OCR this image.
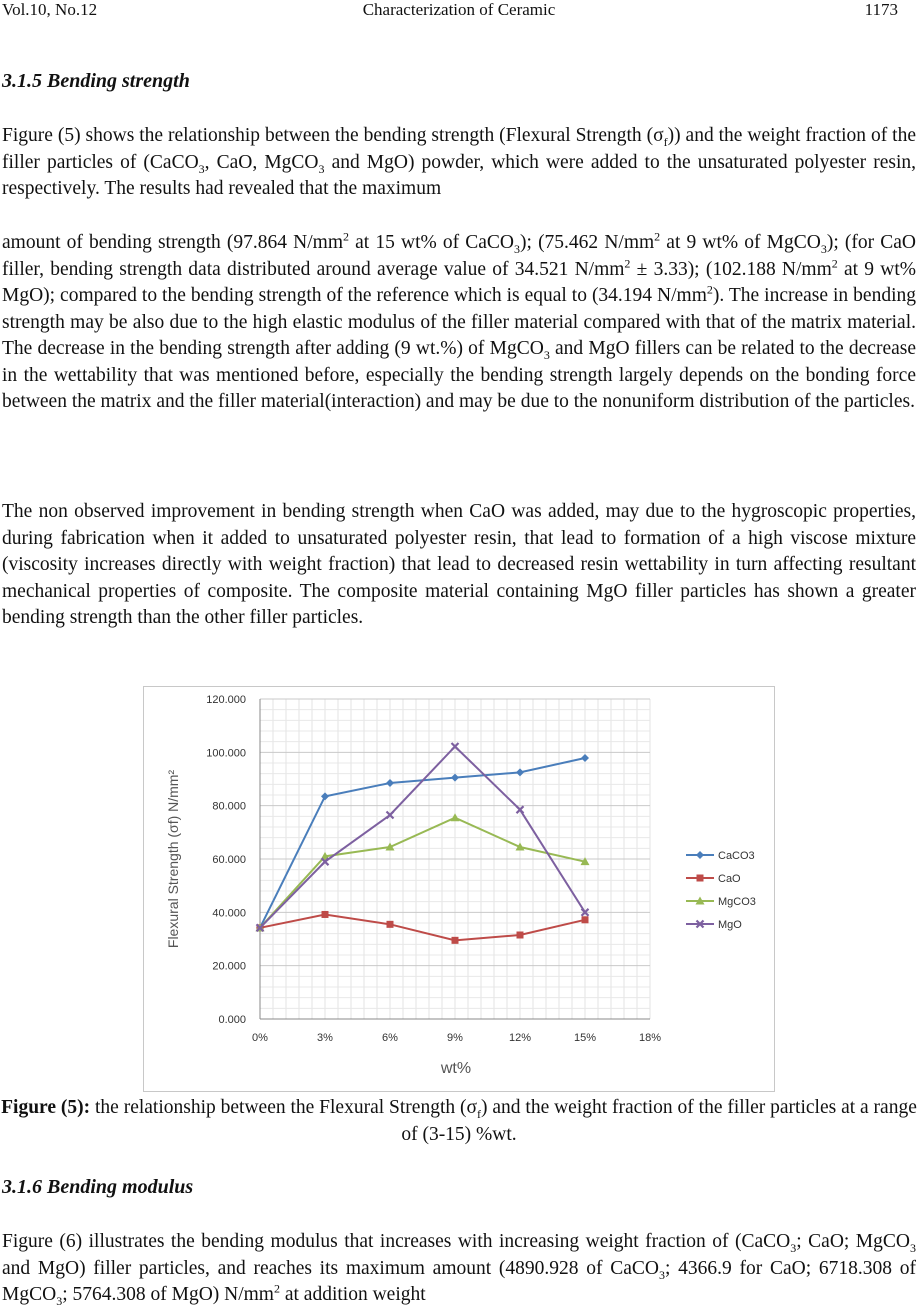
Vol.10, No.12	Characterization of Ceramic	1173
3.1.5 Bending strength
Figure (5) shows the relationship between the bending strength (Flexural Strength $(\sigma_f)$) and the weight fraction of the filler particles of (CaCO$_3$, CaO, MgCO$_3$ and MgO) powder, which were added to the unsaturated polyester resin, respectively. The results had revealed that the maximum
amount of bending strength (97.864 $N/mm^2$ at 15 wt% of CaCO$_3$); (75.462 $N/mm^2$ at 9 wt% of MgCO$_3$); (for CaO filler, bending strength data distributed around average value of 34.521 $N/mm^2 \pm 3.33$); (102.188 $N/mm^2$ at 9 wt% MgO); compared to the bending strength of the reference which is equal to (34.194 $N/mm^2$). The increase in bending strength may be also due to the high elastic modulus of the filler material compared with that of the matrix material. The decrease in the bending strength after adding (9 wt.%) of MgCO$_3$ and MgO fillers can be related to the decrease in the wettability that was mentioned before, especially the bending strength largely depends on the bonding force between the matrix and the filler material(interaction) and may be due to the nonuniform distribution of the particles.
The non observed improvement in bending strength when CaO was added, may due to the hygroscopic properties, during fabrication when it added to unsaturated polyester resin, that lead to formation of a high viscose mixture (viscosity increases directly with weight fraction) that lead to decreased resin wettability in turn affecting resultant mechanical properties of composite. The composite material containing MgO filler particles has shown a greater bending strength than the other filler particles.
0.000
20.000
40.000
60.000
80.000
100.000
120.000
0%	3%	6%	9%	12%	15%	18%
wt%
Flexural Strength (σf) N/mm²	CaCO3
CaO
MgCO3
MgO
Figure (5): the relationship between the Flexural Strength $(\sigma_f)$ and the weight fraction of the filler particles at a range of (3-15) %wt.
3.1.6 Bending modulus
Figure (6) illustrates the bending modulus that increases with increasing weight fraction of (CaCO$_3$; CaO; MgCO$_3$ and MgO) filler particles, and reaches its maximum amount (4890.928 of CaCO$_3$; 4366.9 for CaO; 6718.308 of MgCO$_3$; 5764.308 of MgO) $N/mm^2$ at addition weight
